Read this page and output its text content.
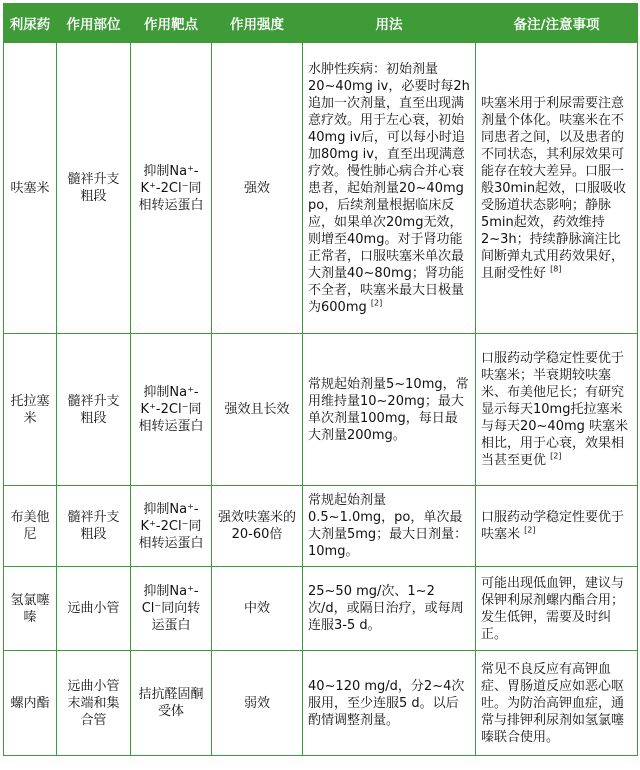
利尿药	作用部位	作用靶点	作用强度	用法	备注/注意事项
呋塞米	髓袢升支粗段	抑制Na⁺-K⁺-2Cl⁻同相转运蛋白	强效	水肿性疾病：初始剂量20~40mg iv，必要时每2h追加一次剂量，直至出现满意疗效。用于左心衰，初始40mg iv后，可以每小时追加80mg iv，直至出现满意疗效。慢性肺心病合并心衰患者，起始剂量20~40mg po，后续剂量根据临床反应，如果单次20mg无效，则增至40mg。对于肾功能正常者，口服呋塞米单次最大剂量40~80mg；肾功能不全者，呋塞米最大日极量为600mg [2]	呋塞米用于利尿需要注意剂量个体化。呋塞米在不同患者之间，以及患者的不同状态，其利尿效果可能存在较大差异。口服一般30min起效，口服吸收受肠道状态影响；静脉5min起效，药效维持2~3h；持续静脉滴注比间断弹丸式用药效果好，且耐受性好 [8]
托拉塞米	髓袢升支粗段	抑制Na⁺-K⁺-2Cl⁻同相转运蛋白	强效且长效	常规起始剂量5~10mg，常用维持量10~20mg；最大单次剂量100mg，每日最大剂量200mg。	口服药动学稳定性要优于呋塞米；半衰期较呋塞米、布美他尼长；有研究显示每天10mg托拉塞米与每天20~40mg 呋塞米相比，用于心衰，效果相当甚至更优 [2]
布美他尼	髓袢升支粗段	抑制Na⁺-K⁺-2Cl⁻同相转运蛋白	强效呋塞米的20-60倍	常规起始剂量0.5~1.0mg，po，单次最大剂量5mg；最大日剂量：10mg。	口服药动学稳定性要优于呋塞米 [2]
氢氯噻嗪	远曲小管	抑制Na⁺-Cl⁻同向转运蛋白	中效	25~50 mg/次、1~2次/d，或隔日治疗，或每周连服3-5 d。	可能出现低血钾，建议与保钾利尿剂螺内酯合用；发生低钾，需要及时纠正。
螺内酯	远曲小管末端和集合管	拮抗醛固酮受体	弱效	40~120 mg/d，分2~4次服用，至少连服5 d。以后酌情调整剂量。	常见不良反应有高钾血症、胃肠道反应如恶心呕吐。为防治高钾血症，通常与排钾利尿剂如氢氯噻嗪联合使用。
